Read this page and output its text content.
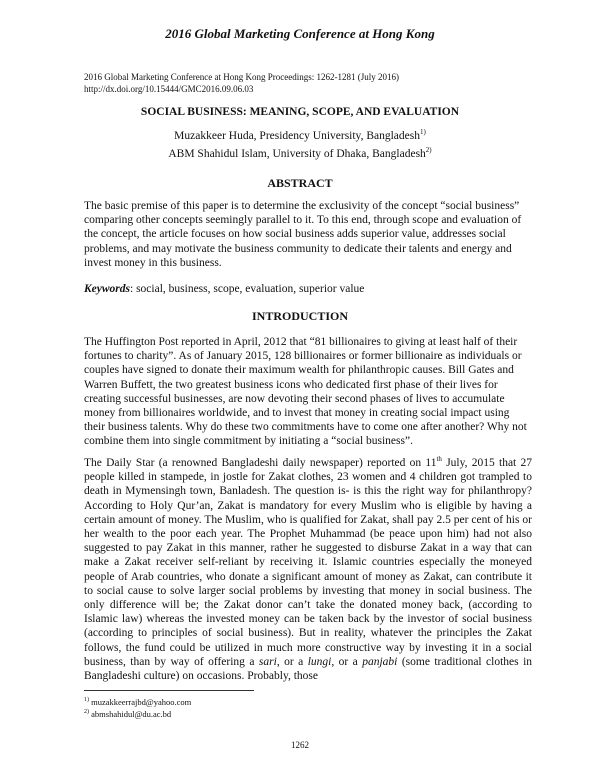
2016 Global Marketing Conference at Hong Kong
2016 Global Marketing Conference at Hong Kong Proceedings: 1262-1281 (July 2016)
http://dx.doi.org/10.15444/GMC2016.09.06.03
SOCIAL BUSINESS: MEANING, SCOPE, AND EVALUATION
Muzakkeer Huda, Presidency University, Bangladesh$^{1)}$
ABM Shahidul Islam, University of Dhaka, Bangladesh$^{2)}$
ABSTRACT
The basic premise of this paper is to determine the exclusivity of the concept “social business” comparing other concepts seemingly parallel to it. To this end, through scope and evaluation of the concept, the article focuses on how social business adds superior value, addresses social problems, and may motivate the business community to dedicate their talents and energy and invest money in this business.
Keywords: social, business, scope, evaluation, superior value
INTRODUCTION
The Huffington Post reported in April, 2012 that “81 billionaires to giving at least half of their fortunes to charity”. As of January 2015, 128 billionaires or former billionaire as individuals or couples have signed to donate their maximum wealth for philanthropic causes. Bill Gates and Warren Buffett, the two greatest business icons who dedicated first phase of their lives for creating successful businesses, are now devoting their second phases of lives to accumulate money from billionaires worldwide, and to invest that money in creating social impact using their business talents. Why do these two commitments have to come one after another? Why not combine them into single commitment by initiating a “social business”.
The Daily Star (a renowned Bangladeshi daily newspaper) reported on 11th July, 2015 that 27 people killed in stampede, in jostle for Zakat clothes, 23 women and 4 children got trampled to death in Mymensingh town, Banladesh. The question is- is this the right way for philanthropy? According to Holy Qur’an, Zakat is mandatory for every Muslim who is eligible by having a certain amount of money. The Muslim, who is qualified for Zakat, shall pay 2.5 per cent of his or her wealth to the poor each year. The Prophet Muhammad (be peace upon him) had not also suggested to pay Zakat in this manner, rather he suggested to disburse Zakat in a way that can make a Zakat receiver self-reliant by receiving it. Islamic countries especially the moneyed people of Arab countries, who donate a significant amount of money as Zakat, can contribute it to social cause to solve larger social problems by investing that money in social business. The only difference will be; the Zakat donor can’t take the donated money back, (according to Islamic law) whereas the invested money can be taken back by the investor of social business (according to principles of social business). But in reality, whatever the principles the Zakat follows, the fund could be utilized in much more constructive way by investing it in a social business, than by way of offering a sari, or a lungi, or a panjabi (some traditional clothes in Bangladeshi culture) on occasions. Probably, those
$^{1)}$ muzakkeerrajbd@yahoo.com
$^{2)}$ abmshahidul@du.ac.bd
1262
